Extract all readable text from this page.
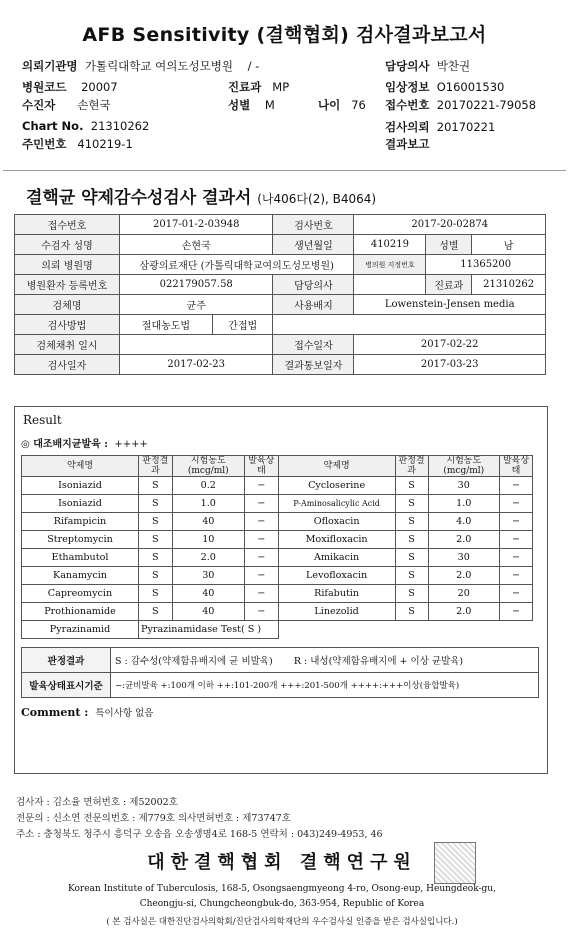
AFB Sensitivity (결핵협회) 검사결과보고서
의뢰기관명 가톨릭대학교 여의도성모병원 / -	담당의사 박찬권
병원코드 20007	진료과 MP	임상정보 O16001530
수진자 손현국	성별 M	나이 76 접수번호 20170221-79058
Chart No. 21310262	검사의뢰 20170221
주민번호 410219-1	결과보고
결핵균 약제감수성검사 결과서 (나406다(2), B4064)
접수번호	2017-01-2-03948		검사번호	2017-20-02874		
수검자 성명	손현국		생년월일	410219	성별	남
의뢰 병원명	삼광의료재단 (가톨릭대학교여의도성모병원)			병의원 지정번호	11365200	
병원환자 등록번호	022179057.58		담당의사		진료과	21310262
검체명	균주		사용배지	Lowenstein-Jensen media		
검사방법	절대농도법	간접법				
검체채취 일시			접수일자	2017-02-22		
검사일자	2017-02-23		결과통보일자	2017-03-23		
Result
◎ 대조배지균발육 : ++++
약제명	판정결과	시험농도(mcg/ml)	발육상태	약제명	판정결과	시험농도(mcg/ml)	발육상태
Isoniazid	S	0.2	−	Cycloserine	S	30	−
Isoniazid	S	1.0	−	P-Aminosalicylic Acid	S	1.0	−
Rifampicin	S	40	−	Ofloxacin	S	4.0	−
Streptomycin	S	10	−	Moxifloxacin	S	2.0	−
Ethambutol	S	2.0	−	Amikacin	S	30	−
Kanamycin	S	30	−	Levofloxacin	S	2.0	−
Capreomycin	S	40	−	Rifabutin	S	20	−
Prothionamide	S	40	−	Linezolid	S	2.0	−
Pyrazinamid	Pyrazinamidase Test( S )						
판정결과	S : 감수성(약제함유배지에 균 비발육) R : 내성(약제함유배지에 + 이상 균발육)
발육상태표시기준	−:균비발육 +:100개 이하 ++:101-200개 +++:201-500개 ++++:+++이상(융합발육)
Comment : 특이사항 없음
검사자 : 김소율 면허번호 : 제52002호
전문의 : 신소연 전문의번호 : 제779호 의사면허번호 : 제73747호
주소 : 충청북도 청주시 흥덕구 오송읍 오송생명4로 168-5 연락처 : 043)249-4953, 46
대한결핵협회 결핵연구원
Korean Institute of Tuberculosis, 168-5, Osongsaengmyeong 4-ro, Osong-eup, Heungdeok-gu,
Cheongju-si, Chungcheongbuk-do, 363-954, Republic of Korea
( 본 검사실은 대한진단검사의학회/진단검사의학재단의 우수검사실 인증을 받은 검사실입니다.)
